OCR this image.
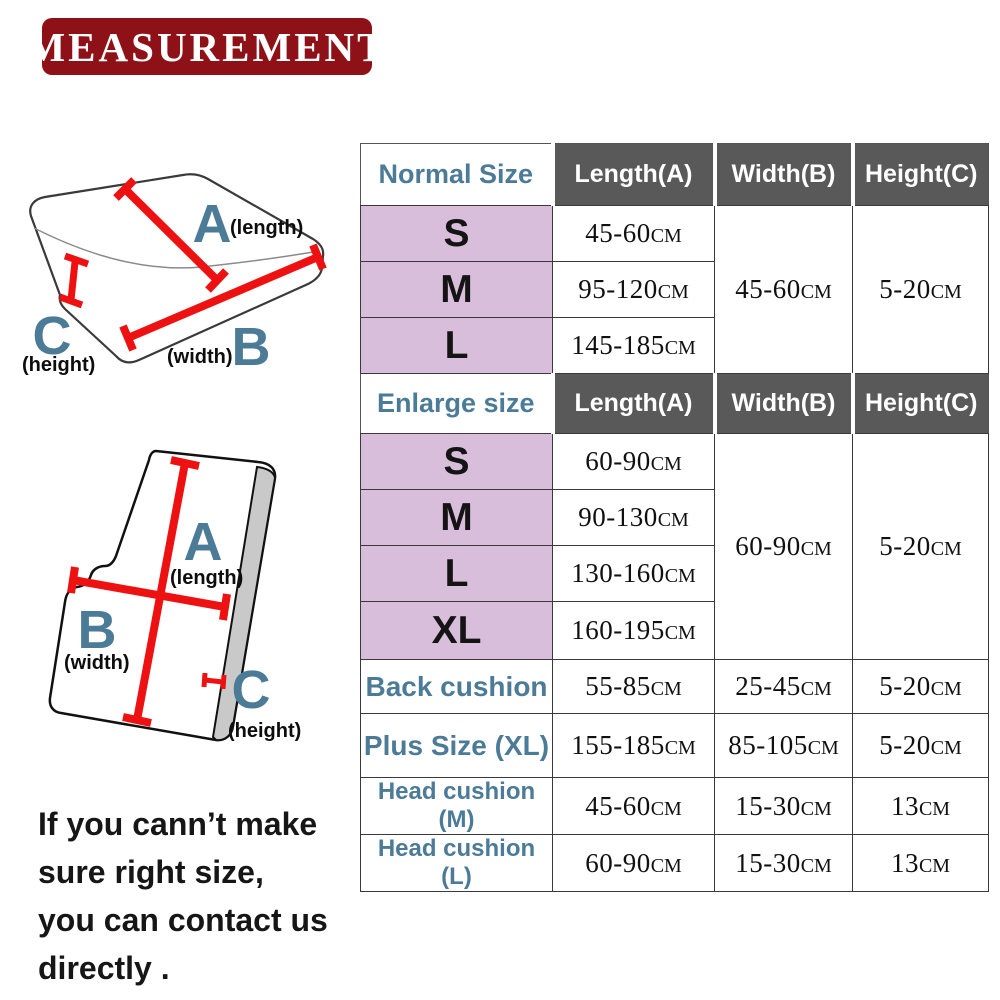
MEASUREMENT
A
(length)
B
(width)
C
(height)
A
(length)
B
(width) C
(height)
Normal Size	Length(A)	Width(B)	Height(C)
S	45-60CM	45-60CM	5-20CM
M	95-120CM		
L	145-185CM		
Enlarge size	Length(A)	Width(B)	Height(C)
S	60-90CM	60-90CM	5-20CM
M	90-130CM		
L	130-160CM		
XL	160-195CM		
Back cushion	55-85CM	25-45CM	5-20CM
Plus Size (XL)	155-185CM	85-105CM	5-20CM
Head cushion (M)	45-60CM	15-30CM	13CM
Head cushion (L)	60-90CM	15-30CM	13CM
If you cann’t make
sure right size,
you can contact us
directly .
